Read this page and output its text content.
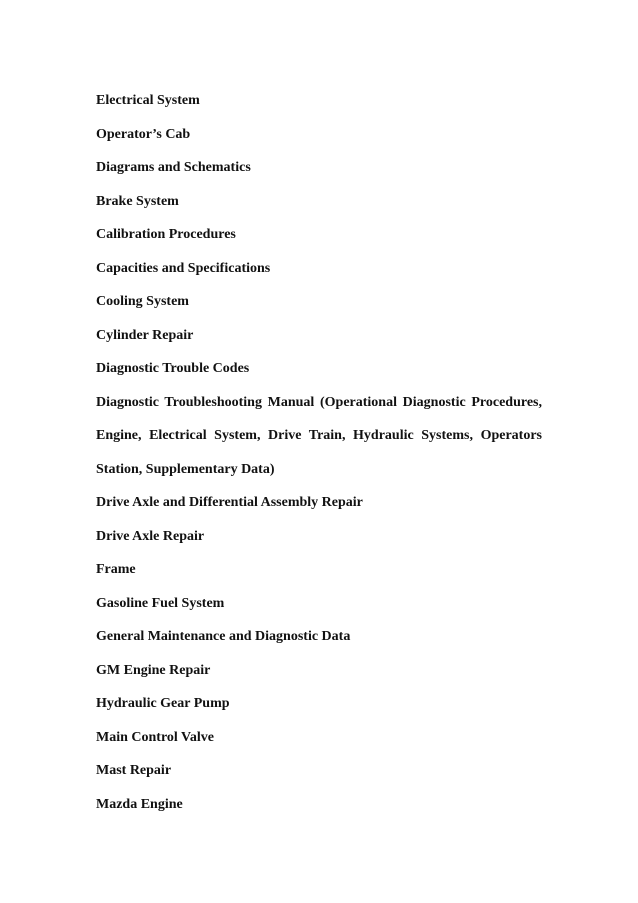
Electrical System
Operator’s Cab
Diagrams and Schematics
Brake System
Calibration Procedures
Capacities and Specifications
Cooling System
Cylinder Repair
Diagnostic Trouble Codes
Diagnostic Troubleshooting Manual (Operational Diagnostic Procedures, Engine, Electrical System, Drive Train, Hydraulic Systems, Operators Station, Supplementary Data)
Drive Axle and Differential Assembly Repair
Drive Axle Repair
Frame
Gasoline Fuel System
General Maintenance and Diagnostic Data
GM Engine Repair
Hydraulic Gear Pump
Main Control Valve
Mast Repair
Mazda Engine
